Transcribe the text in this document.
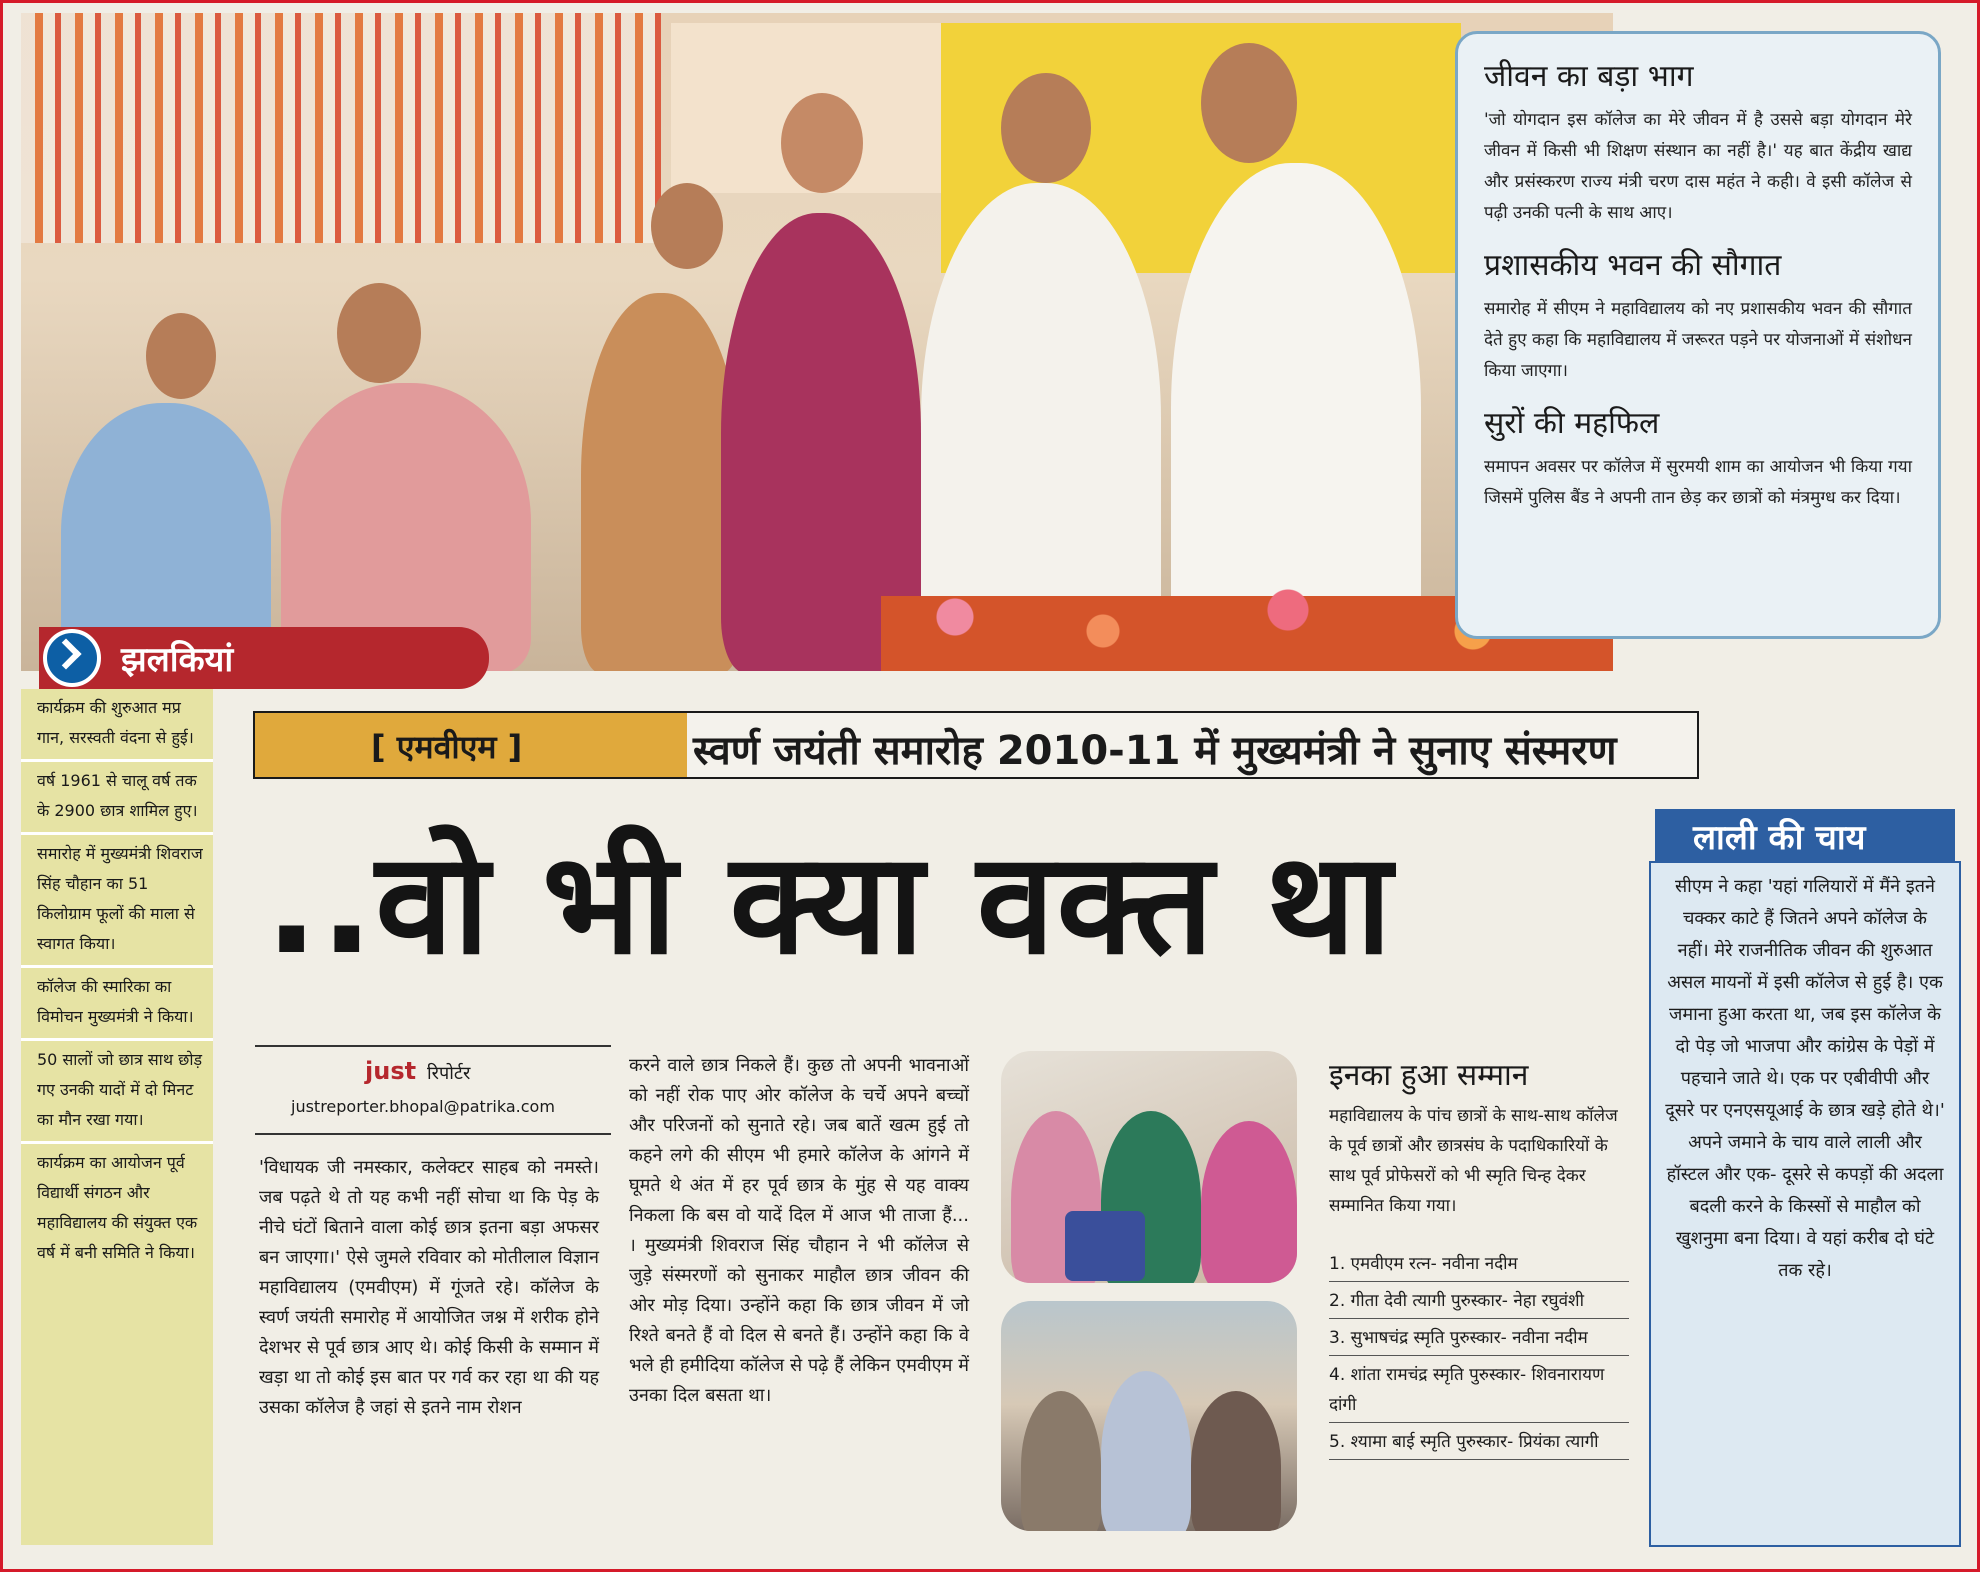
जीवन का बड़ा भाग

'जो योगदान इस कॉलेज का मेरे जीवन में है उससे बड़ा योगदान मेरे जीवन में किसी भी शिक्षण संस्थान का नहीं है।' यह बात केंद्रीय खाद्य और प्रसंस्करण राज्य मंत्री चरण दास महंत ने कही। वे इसी कॉलेज से पढ़ी उनकी पत्नी के साथ आए।

प्रशासकीय भवन की सौगात

समारोह में सीएम ने महाविद्यालय को नए प्रशासकीय भवन की सौगात देते हुए कहा कि महाविद्यालय में जरूरत पड़ने पर योजनाओं में संशोधन किया जाएगा।

सुरों की महफिल

समापन अवसर पर कॉलेज में सुरमयी शाम का आयोजन भी किया गया जिसमें पुलिस बैंड ने अपनी तान छेड़ कर छात्रों को मंत्रमुग्ध कर दिया।

झलकियां
कार्यक्रम की शुरुआत मप्र गान, सरस्वती वंदना से हुई।
वर्ष 1961 से चालू वर्ष तक के 2900 छात्र शामिल हुए।
समारोह में मुख्यमंत्री शिवराज सिंह चौहान का 51 किलोग्राम फूलों की माला से स्वागत किया।
कॉलेज की स्मारिका का विमोचन मुख्यमंत्री ने किया।
50 सालों जो छात्र साथ छोड़ गए उनकी यादों में दो मिनट का मौन रखा गया।
कार्यक्रम का आयोजन पूर्व विद्यार्थी संगठन और महाविद्यालय की संयुक्त एक वर्ष में बनी समिति ने किया।
[ एमवीएम ]	स्वर्ण जयंती समारोह 2010-11 में मुख्यमंत्री ने सुनाए संस्मरण
..वो भी क्या वक्त था
just रिपोर्टर
justreporter.bhopal@patrika.com
'विधायक जी नमस्कार, कलेक्टर साहब को नमस्ते। जब पढ़ते थे तो यह कभी नहीं सोचा था कि पेड़ के नीचे घंटों बिताने वाला कोई छात्र इतना बड़ा अफसर बन जाएगा।' ऐसे जुमले रविवार को मोतीलाल विज्ञान महाविद्यालय (एमवीएम) में गूंजते रहे। कॉलेज के स्वर्ण जयंती समारोह में आयोजित जश्न में शरीक होने देशभर से पूर्व छात्र आए थे। कोई किसी के सम्मान में खड़ा था तो कोई इस बात पर गर्व कर रहा था की यह उसका कॉलेज है जहां से इतने नाम रोशन
करने वाले छात्र निकले हैं। कुछ तो अपनी भावनाओं को नहीं रोक पाए ओर कॉलेज के चर्चे अपने बच्चों और परिजनों को सुनाते रहे। जब बातें खत्म हुई तो कहने लगे की सीएम भी हमारे कॉलेज के आंगने में घूमते थे अंत में हर पूर्व छात्र के मुंह से यह वाक्य निकला कि बस वो यादें दिल में आज भी ताजा हैं... । मुख्यमंत्री शिवराज सिंह चौहान ने भी कॉलेज से जुड़े संस्मरणों को सुनाकर माहौल छात्र जीवन की ओर मोड़ दिया। उन्होंने कहा कि छात्र जीवन में जो रिश्ते बनते हैं वो दिल से बनते हैं। उन्होंने कहा कि वे भले ही हमीदिया कॉलेज से पढ़े हैं लेकिन एमवीएम में उनका दिल बसता था।
इनका हुआ सम्मान
महाविद्यालय के पांच छात्रों के साथ-साथ कॉलेज के पूर्व छात्रों और छात्रसंघ के पदाधिकारियों के साथ पूर्व प्रोफेसरों को भी स्मृति चिन्ह देकर सम्मानित किया गया।
1. एमवीएम रत्न- नवीना नदीम
2. गीता देवी त्यागी पुरुस्कार- नेहा रघुवंशी
3. सुभाषचंद्र स्मृति पुरुस्कार- नवीना नदीम
4. शांता रामचंद्र स्मृति पुरुस्कार- शिवनारायण दांगी
5. श्यामा बाई स्मृति पुरुस्कार- प्रियंका त्यागी
लाली की चाय
सीएम ने कहा 'यहां गलियारों में मैंने इतने चक्कर काटे हैं जितने अपने कॉलेज के नहीं। मेरे राजनीतिक जीवन की शुरुआत असल मायनों में इसी कॉलेज से हुई है। एक जमाना हुआ करता था, जब इस कॉलेज के दो पेड़ जो भाजपा और कांग्रेस के पेड़ों में पहचाने जाते थे। एक पर एबीवीपी और दूसरे पर एनएसयूआई के छात्र खड़े होते थे।' अपने जमाने के चाय वाले लाली और हॉस्टल और एक- दूसरे से कपड़ों की अदला बदली करने के किस्सों से माहौल को खुशनुमा बना दिया। वे यहां करीब दो घंटे तक रहे।
